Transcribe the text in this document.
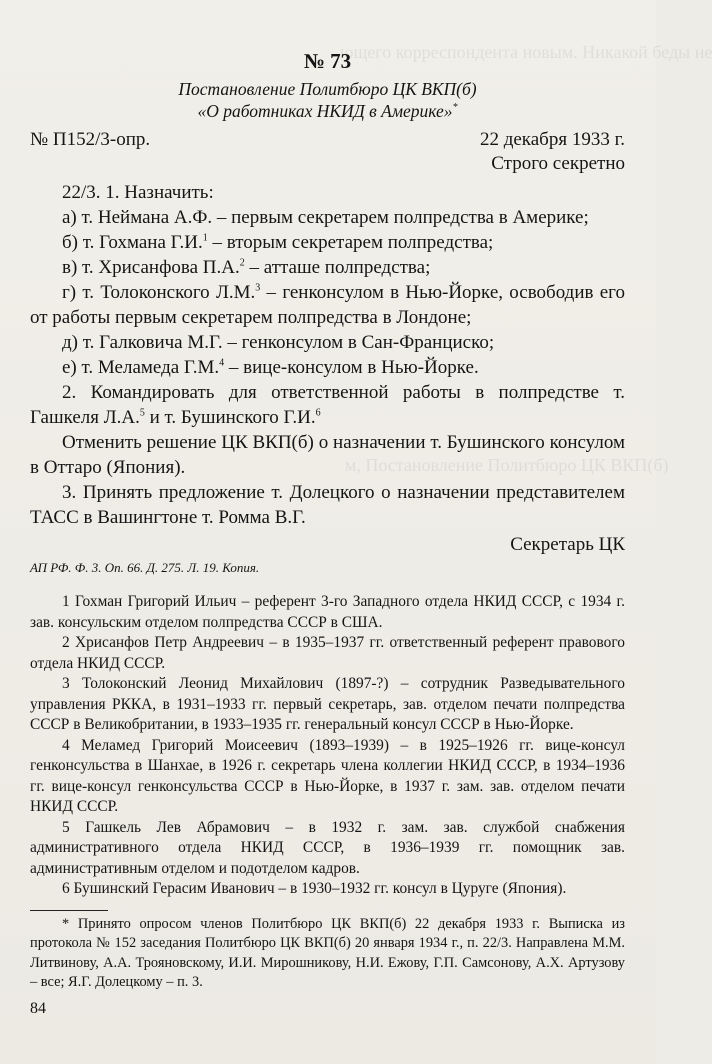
ющего корреспондента новым. Никакой беды не
м, Постановление Политбюро ЦК ВКП(б)
№ 73
Постановление Политбюро ЦК ВКП(б)
«О работниках НКИД в Америке»*
№ П152/3-опр.	22 декабря 1933 г.
Строго секретно

22/3. 1. Назначить:

а) т. Неймана А.Ф. – первым секретарем полпредства в Америке;

б) т. Гохмана Г.И.$^1$ – вторым секретарем полпредства;

в) т. Хрисанфова П.А.$^2$ – атташе полпредства;

г) т. Толоконского Л.М.$^3$ – генконсулом в Нью-Йорке, освободив его от работы первым секретарем полпредства в Лондоне;

д) т. Галковича М.Г. – генконсулом в Сан-Франциско;

е) т. Меламеда Г.М.$^4$ – вице-консулом в Нью-Йорке.

2. Командировать для ответственной работы в полпредстве т. Гашкеля Л.А.$^5$ и т. Бушинского Г.И.$^6$

Отменить решение ЦК ВКП(б) о назначении т. Бушинского консулом в Оттаро (Япония).

3. Принять предложение т. Долецкого о назначении представителем ТАСС в Вашингтоне т. Ромма В.Г.

Секретарь ЦК
АП РФ. Ф. 3. Оп. 66. Д. 275. Л. 19. Копия.

1 Гохман Григорий Ильич – референт 3-го Западного отдела НКИД СССР, с 1934 г. зав. консульским отделом полпредства СССР в США.

2 Хрисанфов Петр Андреевич – в 1935–1937 гг. ответственный референт правового отдела НКИД СССР.

3 Толоконский Леонид Михайлович (1897-?) – сотрудник Разведывательного управления РККА, в 1931–1933 гг. первый секретарь, зав. отделом печати полпредства СССР в Великобритании, в 1933–1935 гг. генеральный консул СССР в Нью-Йорке.

4 Меламед Григорий Моисеевич (1893–1939) – в 1925–1926 гг. вице-консул генконсульства в Шанхае, в 1926 г. секретарь члена коллегии НКИД СССР, в 1934–1936 гг. вице-консул генконсульства СССР в Нью-Йорке, в 1937 г. зам. зав. отделом печати НКИД СССР.

5 Гашкель Лев Абрамович – в 1932 г. зам. зав. службой снабжения административного отдела НКИД СССР, в 1936–1939 гг. помощник зав. административным отделом и подотделом кадров.

6 Бушинский Герасим Иванович – в 1930–1932 гг. консул в Цуруге (Япония).

* Принято опросом членов Политбюро ЦК ВКП(б) 22 декабря 1933 г. Выписка из протокола № 152 заседания Политбюро ЦК ВКП(б) 20 января 1934 г., п. 22/3. Направлена М.М. Литвинову, А.А. Трояновскому, И.И. Мирошникову, Н.И. Ежову, Г.П. Самсонову, А.Х. Артузову – все; Я.Г. Долецкому – п. 3.

84
